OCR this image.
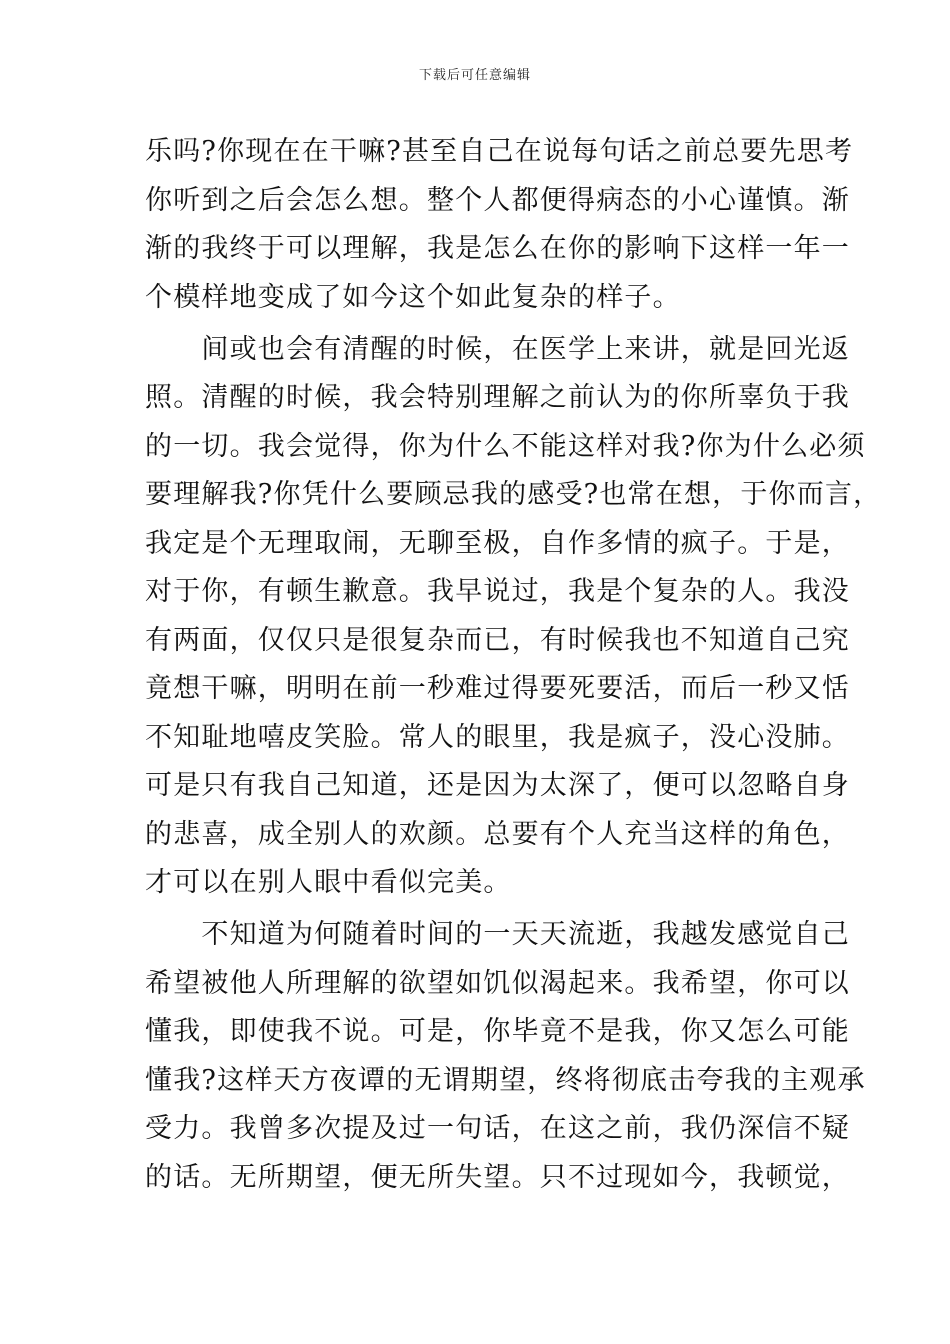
下载后可任意编辑
乐吗?你现在在干嘛?甚至自己在说每句话之前总要先思考
你听到之后会怎么想。整个人都便得病态的小心谨慎。渐
渐的我终于可以理解，我是怎么在你的影响下这样一年一
个模样地变成了如今这个如此复杂的样子。
　　间或也会有清醒的时候，在医学上来讲，就是回光返
照。清醒的时候，我会特别理解之前认为的你所辜负于我
的一切。我会觉得，你为什么不能这样对我?你为什么必须
要理解我?你凭什么要顾忌我的感受?也常在想，于你而言，
我定是个无理取闹，无聊至极，自作多情的疯子。于是，
对于你，有顿生歉意。我早说过，我是个复杂的人。我没
有两面，仅仅只是很复杂而已，有时候我也不知道自己究
竟想干嘛，明明在前一秒难过得要死要活，而后一秒又恬
不知耻地嘻皮笑脸。常人的眼里，我是疯子，没心没肺。
可是只有我自己知道，还是因为太深了，便可以忽略自身
的悲喜，成全别人的欢颜。总要有个人充当这样的角色，
才可以在别人眼中看似完美。
　　不知道为何随着时间的一天天流逝，我越发感觉自己
希望被他人所理解的欲望如饥似渴起来。我希望，你可以
懂我，即使我不说。可是，你毕竟不是我，你又怎么可能
懂我?这样天方夜谭的无谓期望，终将彻底击夸我的主观承
受力。我曾多次提及过一句话，在这之前，我仍深信不疑
的话。无所期望，便无所失望。只不过现如今，我顿觉，
